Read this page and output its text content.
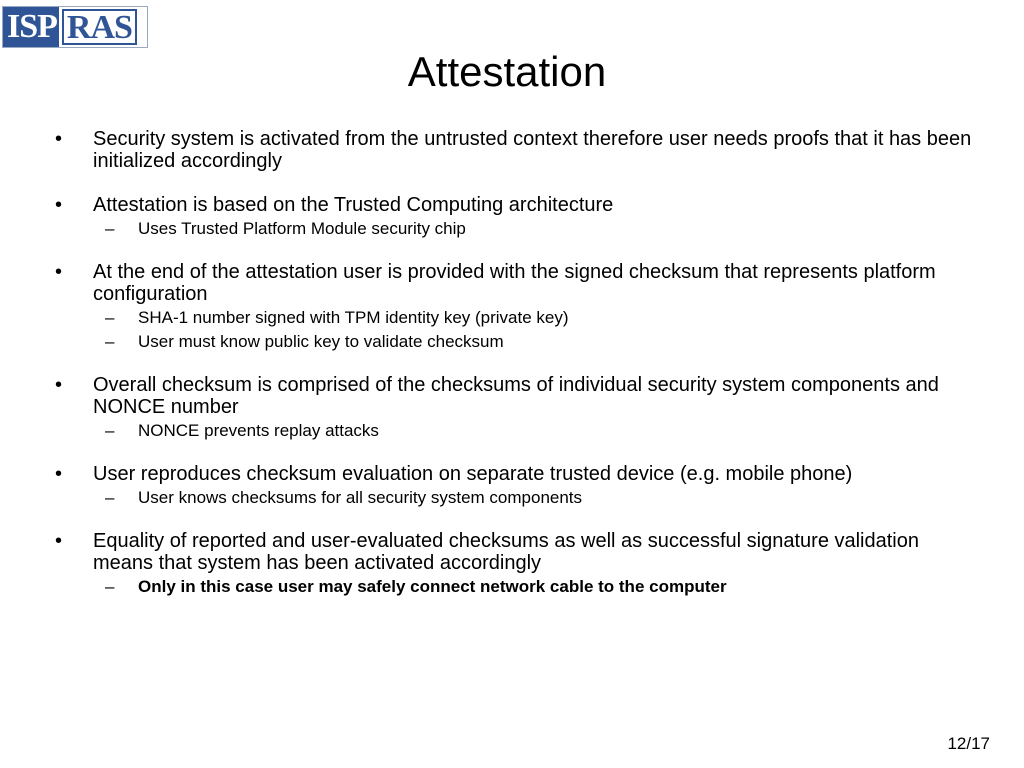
ISP RAS
Attestation
• Security system is activated from the untrusted context therefore user needs proofs that it has been initialized accordingly
• Attestation is based on the Trusted Computing architecture
– Uses Trusted Platform Module security chip
• At the end of the attestation user is provided with the signed checksum that represents platform configuration
– SHA-1 number signed with TPM identity key (private key)
– User must know public key to validate checksum
• Overall checksum is comprised of the checksums of individual security system components and NONCE number
– NONCE prevents replay attacks
• User reproduces checksum evaluation on separate trusted device (e.g. mobile phone)
– User knows checksums for all security system components
• Equality of reported and user-evaluated checksums as well as successful signature validation means that system has been activated accordingly
– Only in this case user may safely connect network cable to the computer
12/17
